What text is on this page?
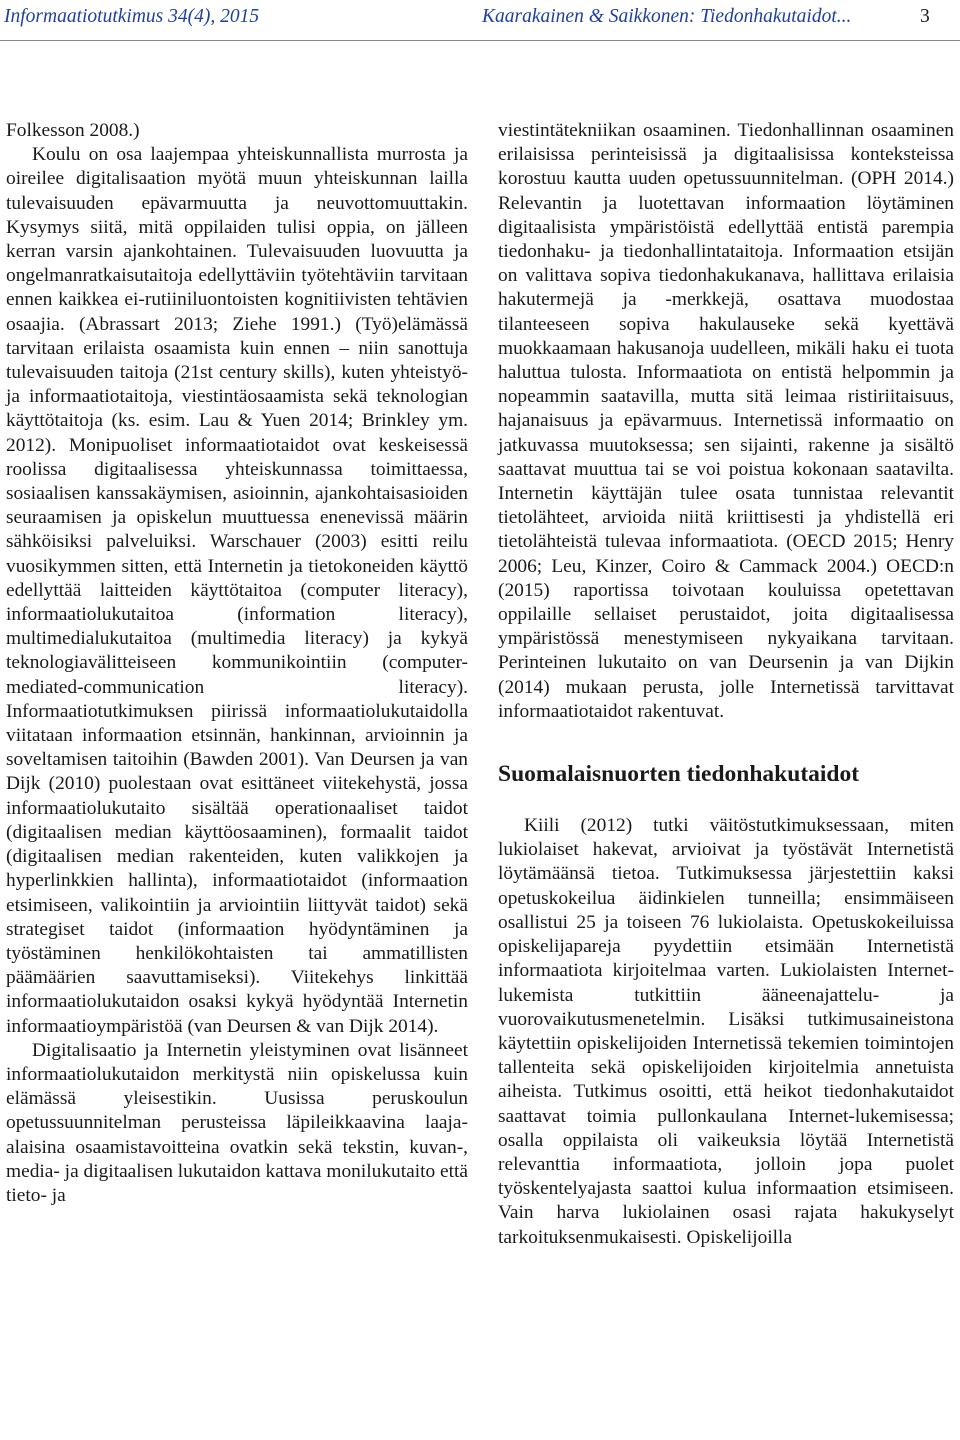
Informaatiotutkimus 34(4), 2015	Kaarakainen & Saikkonen: Tiedonhakutaidot...	3

Folkesson 2008.)

Koulu on osa laajempaa yhteiskunnallista murrosta ja oireilee digitalisaation myötä muun yhteiskunnan lailla tulevaisuuden epävarmuutta ja neuvottomuuttakin. Kysymys siitä, mitä oppilaiden tulisi oppia, on jälleen kerran varsin ajankohtainen. Tulevaisuuden luovuutta ja ongelmanratkaisutaitoja edellyttäviin työtehtäviin tarvitaan ennen kaikkea ei-rutiiniluontoisten kognitiivisten tehtävien osaajia. (Abrassart 2013; Ziehe 1991.) (Työ)elämässä tarvitaan erilaista osaamista kuin ennen – niin sanottuja tulevaisuuden taitoja (21st century skills), kuten yhteistyö- ja informaatiotaitoja, viestintäosaamista sekä teknologian käyttötaitoja (ks. esim. Lau & Yuen 2014; Brinkley ym. 2012). Monipuoliset informaatiotaidot ovat keskeisessä roolissa digitaalisessa yhteiskunnassa toimittaessa, sosiaalisen kanssakäymisen, asioinnin, ajankohtaisasioiden seuraamisen ja opiskelun muuttuessa enenevissä määrin sähköisiksi palveluiksi. Warschauer (2003) esitti reilu vuosikymmen sitten, että Internetin ja tietokoneiden käyttö edellyttää laitteiden käyttötaitoa (computer literacy), informaatiolukutaitoa (information literacy), multimedialukutaitoa (multimedia literacy) ja kykyä teknologiavälitteiseen kommunikointiin (computer-mediated-communication literacy). Informaatiotutkimuksen piirissä informaatiolukutaidolla viitataan informaation etsinnän, hankinnan, arvioinnin ja soveltamisen taitoihin (Bawden 2001). Van Deursen ja van Dijk (2010) puolestaan ovat esittäneet viitekehystä, jossa informaatiolukutaito sisältää operationaaliset taidot (digitaalisen median käyttöosaaminen), formaalit taidot (digitaalisen median rakenteiden, kuten valikkojen ja hyperlinkkien hallinta), informaatiotaidot (informaation etsimiseen, valikointiin ja arviointiin liittyvät taidot) sekä strategiset taidot (informaation hyödyntäminen ja työstäminen henkilökohtaisten tai ammatillisten päämäärien saavuttamiseksi). Viitekehys linkittää informaatiolukutaidon osaksi kykyä hyödyntää Internetin informaatioympäristöä (van Deursen & van Dijk 2014).

Digitalisaatio ja Internetin yleistyminen ovat lisänneet informaatiolukutaidon merkitystä niin opiskelussa kuin elämässä yleisestikin. Uusissa peruskoulun opetussuunnitelman perusteissa läpileikkaavina laaja-alaisina osaamistavoitteina ovatkin sekä tekstin, kuvan-, media- ja digitaalisen lukutaidon kattava monilukutaito että tieto- ja

viestintätekniikan osaaminen. Tiedonhallinnan osaaminen erilaisissa perinteisissä ja digitaalisissa konteksteissa korostuu kautta uuden opetussuunnitelman. (OPH 2014.) Relevantin ja luotettavan informaation löytäminen digitaalisista ympäristöistä edellyttää entistä parempia tiedonhaku- ja tiedonhallintataitoja. Informaation etsijän on valittava sopiva tiedonhakukanava, hallittava erilaisia hakutermejä ja -merkkejä, osattava muodostaa tilanteeseen sopiva hakulauseke sekä kyettävä muokkaamaan hakusanoja uudelleen, mikäli haku ei tuota haluttua tulosta. Informaatiota on entistä helpommin ja nopeammin saatavilla, mutta sitä leimaa ristiriitaisuus, hajanaisuus ja epävarmuus. Internetissä informaatio on jatkuvassa muutoksessa; sen sijainti, rakenne ja sisältö saattavat muuttua tai se voi poistua kokonaan saatavilta. Internetin käyttäjän tulee osata tunnistaa relevantit tietolähteet, arvioida niitä kriittisesti ja yhdistellä eri tietolähteistä tulevaa informaatiota. (OECD 2015; Henry 2006; Leu, Kinzer, Coiro & Cammack 2004.) OECD:n (2015) raportissa toivotaan kouluissa opetettavan oppilaille sellaiset perustaidot, joita digitaalisessa ympäristössä menestymiseen nykyaikana tarvitaan. Perinteinen lukutaito on van Deursenin ja van Dijkin (2014) mukaan perusta, jolle Internetissä tarvittavat informaatiotaidot rakentuvat.

Suomalaisnuorten tiedonhakutaidot

Kiili (2012) tutki väitöstutkimuksessaan, miten lukiolaiset hakevat, arvioivat ja työstävät Internetistä löytämäänsä tietoa. Tutkimuksessa järjestettiin kaksi opetuskokeilua äidinkielen tunneilla; ensimmäiseen osallistui 25 ja toiseen 76 lukiolaista. Opetuskokeiluissa opiskelijapareja pyydettiin etsimään Internetistä informaatiota kirjoitelmaa varten. Lukiolaisten Internet-lukemista tutkittiin ääneenajattelu- ja vuorovaikutusmenetelmin. Lisäksi tutkimusaineistona käytettiin opiskelijoiden Internetissä tekemien toimintojen tallenteita sekä opiskelijoiden kirjoitelmia annetuista aiheista. Tutkimus osoitti, että heikot tiedonhakutaidot saattavat toimia pullonkaulana Internet-lukemisessa; osalla oppilaista oli vaikeuksia löytää Internetistä relevanttia informaatiota, jolloin jopa puolet työskentelyajasta saattoi kulua informaation etsimiseen. Vain harva lukiolainen osasi rajata hakukyselyt tarkoituksenmukaisesti. Opiskelijoilla
